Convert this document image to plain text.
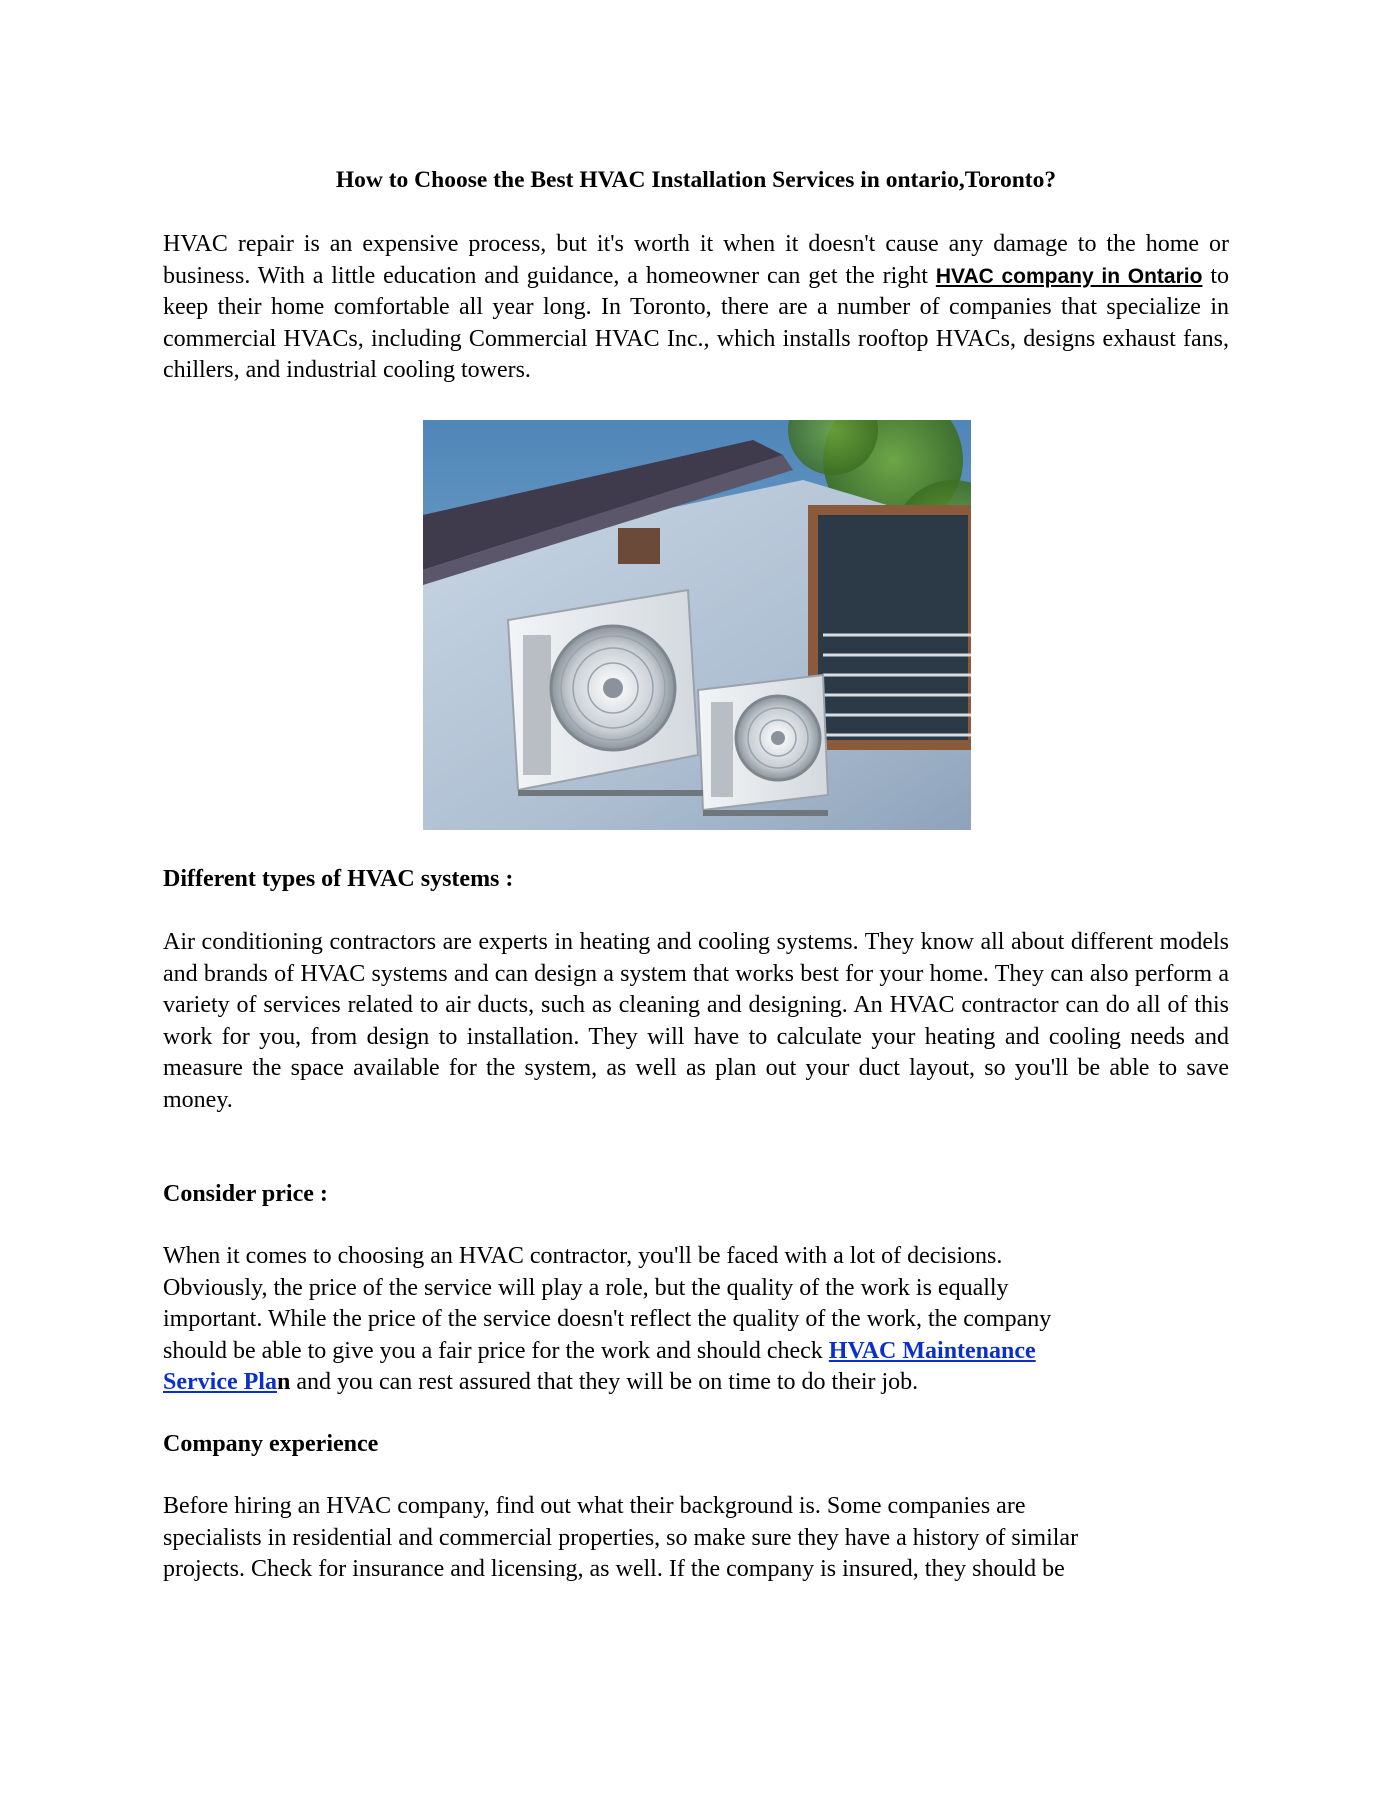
How to Choose the Best HVAC Installation Services in ontario,Toronto?

HVAC repair is an expensive process, but it's worth it when it doesn't cause any damage to the home or business. With a little education and guidance, a homeowner can get the right HVAC company in Ontario to keep their home comfortable all year long. In Toronto, there are a number of companies that specialize in commercial HVACs, including Commercial HVAC Inc., which installs rooftop HVACs, designs exhaust fans, chillers, and industrial cooling towers.

Different types of HVAC systems :

Air conditioning contractors are experts in heating and cooling systems. They know all about different models and brands of HVAC systems and can design a system that works best for your home. They can also perform a variety of services related to air ducts, such as cleaning and designing. An HVAC contractor can do all of this work for you, from design to installation. They will have to calculate your heating and cooling needs and measure the space available for the system, as well as plan out your duct layout, so you'll be able to save money.

Consider price :
When it comes to choosing an HVAC contractor, you'll be faced with a lot of decisions.
Obviously, the price of the service will play a role, but the quality of the work is equally
important. While the price of the service doesn't reflect the quality of the work, the company
should be able to give you a fair price for the work and should check HVAC Maintenance
Service Plan and you can rest assured that they will be on time to do their job.
Company experience
Before hiring an HVAC company, find out what their background is. Some companies are
specialists in residential and commercial properties, so make sure they have a history of similar
projects. Check for insurance and licensing, as well. If the company is insured, they should be
